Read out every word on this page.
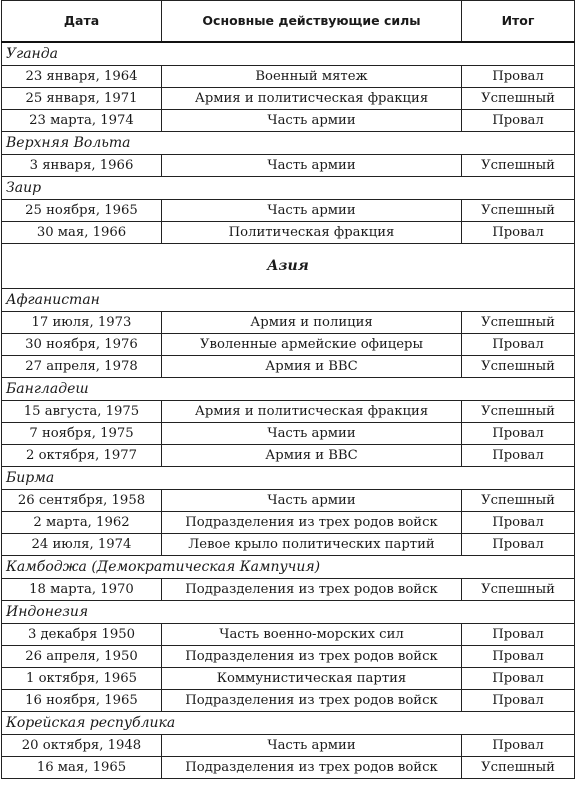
Дата	Основные действующие силы	Итог
Уганда		
23 января, 1964	Военный мятеж	Провал
25 января, 1971	Армия и политисческая фракция	Успешный
23 марта, 1974	Часть армии	Провал
Верхняя Вольта		
3 января, 1966	Часть армии	Успешный
Заир		
25 ноября, 1965	Часть армии	Успешный
30 мая, 1966	Политическая фракция	Провал
Азия		
Афганистан		
17 июля, 1973	Армия и полиция	Успешный
30 ноября, 1976	Уволенные армейские офицеры	Провал
27 апреля, 1978	Армия и ВВС	Успешный
Бангладеш		
15 августа, 1975	Армия и политисческая фракция	Успешный
7 ноября, 1975	Часть армии	Провал
2 октября, 1977	Армия и ВВС	Провал
Бирма		
26 сентября, 1958	Часть армии	Успешный
2 марта, 1962	Подразделения из трех родов войск	Провал
24 июля, 1974	Левое крыло политических партий	Провал
Камбоджа (Демократическая Кампучия)		
18 марта, 1970	Подразделения из трех родов войск	Успешный
Индонезия		
3 декабря 1950	Часть военно-морских сил	Провал
26 апреля, 1950	Подразделения из трех родов войск	Провал
1 октября, 1965	Коммунистическая партия	Провал
16 ноября, 1965	Подразделения из трех родов войск	Провал
Корейская республика		
20 октября, 1948	Часть армии	Провал
16 мая, 1965	Подразделения из трех родов войск	Успешный
